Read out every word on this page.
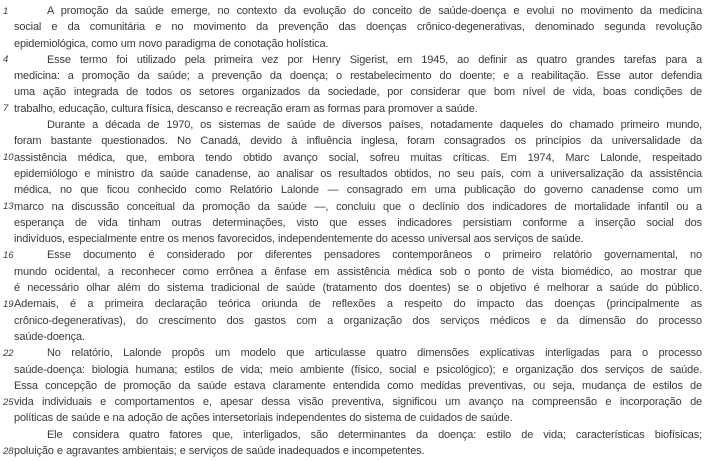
1	A promoção da saúde emerge, no contexto da evolução do conceito de saúde-doença e evolui no movimento da medicina
social e da comunitária e no movimento da prevenção das doenças crônico-degenerativas, denominado segunda revolução
epidemiológica, como um novo paradigma de conotação holística.
4	Esse termo foi utilizado pela primeira vez por Henry Sigerist, em 1945, ao definir as quatro grandes tarefas para a
medicina: a promoção da saúde; a prevenção da doença; o restabelecimento do doente; e a reabilitação. Esse autor defendia
uma ação integrada de todos os setores organizados da sociedade, por considerar que bom nível de vida, boas condições de
7 trabalho, educação, cultura física, descanso e recreação eram as formas para promover a saúde.
Durante a década de 1970, os sistemas de saúde de diversos países, notadamente daqueles do chamado primeiro mundo,
foram bastante questionados. No Canadá, devido à influência inglesa, foram consagrados os princípios da universalidade da
10 assistência médica, que, embora tendo obtido avanço social, sofreu muitas críticas. Em 1974, Marc Lalonde, respeitado
epidemiólogo e ministro da saúde canadense, ao analisar os resultados obtidos, no seu país, com a universalização da assistência
médica, no que ficou conhecido como Relatório Lalonde — consagrado em uma publicação do governo canadense como um
13 marco na discussão conceitual da promoção da saúde —, concluiu que o declínio dos indicadores de mortalidade infantil ou a
esperança de vida tinham outras determinações, visto que esses indicadores persistiam conforme a inserção social dos
indivíduos, especialmente entre os menos favorecidos, independentemente do acesso universal aos serviços de saúde.
16	Esse documento é considerado por diferentes pensadores contemporâneos o primeiro relatório governamental, no
mundo ocidental, a reconhecer como errônea a ênfase em assistência médica sob o ponto de vista biomédico, ao mostrar que
é necessário olhar além do sistema tradicional de saúde (tratamento dos doentes) se o objetivo é melhorar a saúde do público.
19 Ademais, é a primeira declaração teórica oriunda de reflexões a respeito do impacto das doenças (principalmente as
crônico-degenerativas), do crescimento dos gastos com a organização dos serviços médicos e da dimensão do processo
saúde-doença.
22	No relatório, Lalonde propôs um modelo que articulasse quatro dimensões explicativas interligadas para o processo
saúde-doença: biologia humana; estilos de vida; meio ambiente (físico, social e psicológico); e organização dos serviços de saúde.
Essa concepção de promoção da saúde estava claramente entendida como medidas preventivas, ou seja, mudança de estilos de
25 vida individuais e comportamentos e, apesar dessa visão preventiva, significou um avanço na compreensão e incorporação de
políticas de saúde e na adoção de ações intersetoriais independentes do sistema de cuidados de saúde.
Ele considera quatro fatores que, interligados, são determinantes da doença: estilo de vida; características biofísicas;
28 poluição e agravantes ambientais; e serviços de saúde inadequados e incompetentes.
